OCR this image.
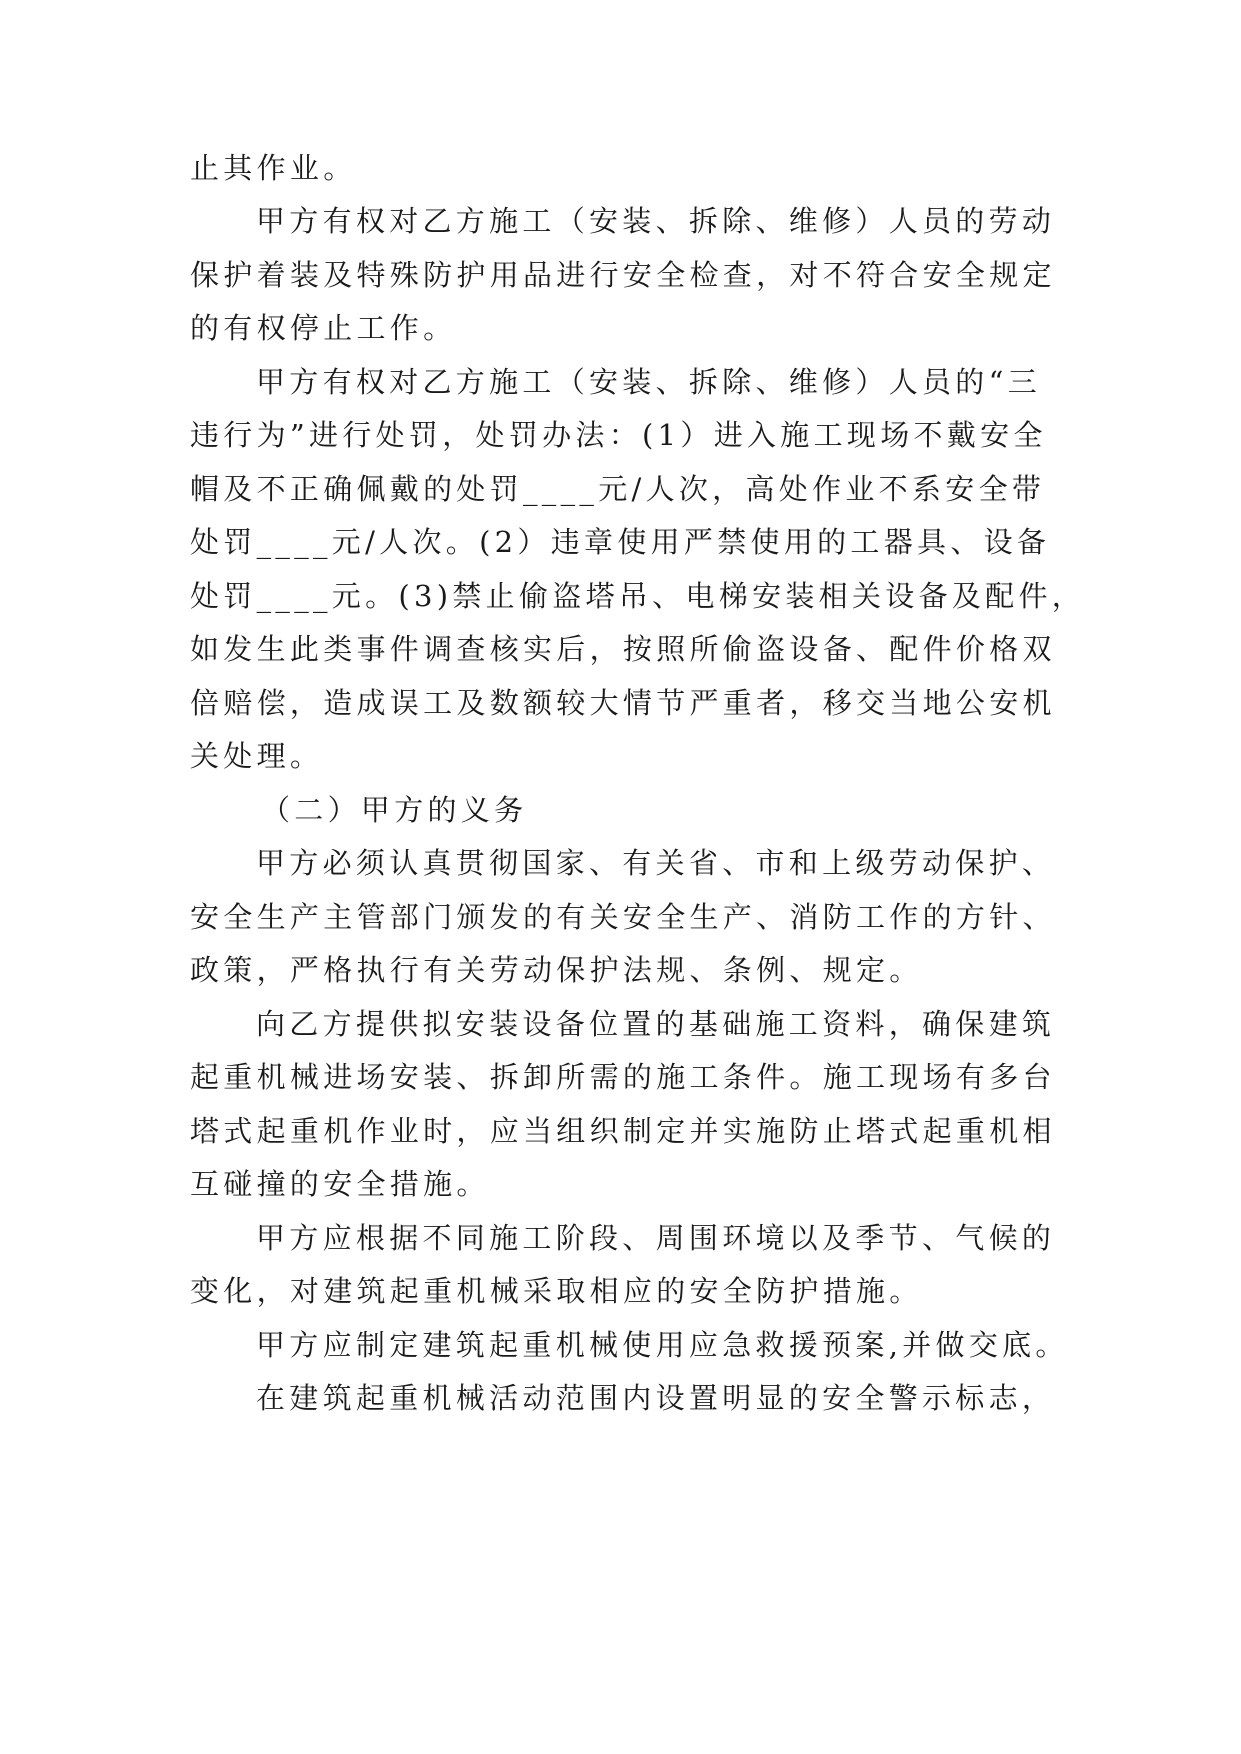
止其作业。
甲方有权对乙方施工（安装、拆除、维修）人员的劳动
保护着装及特殊防护用品进行安全检查，对不符合安全规定
的有权停止工作。
甲方有权对乙方施工（安装、拆除、维修）人员的“三
违行为”进行处罚，处罚办法：(1）进入施工现场不戴安全
帽及不正确佩戴的处罚____元/人次，高处作业不系安全带
处罚____元/人次。(2）违章使用严禁使用的工器具、设备
处罚____元。(3)禁止偷盗塔吊、电梯安装相关设备及配件，
如发生此类事件调查核实后，按照所偷盗设备、配件价格双
倍赔偿，造成误工及数额较大情节严重者，移交当地公安机
关处理。
（二）甲方的义务
甲方必须认真贯彻国家、有关省、市和上级劳动保护、
安全生产主管部门颁发的有关安全生产、消防工作的方针、
政策，严格执行有关劳动保护法规、条例、规定。
向乙方提供拟安装设备位置的基础施工资料，确保建筑
起重机械进场安装、拆卸所需的施工条件。施工现场有多台
塔式起重机作业时，应当组织制定并实施防止塔式起重机相
互碰撞的安全措施。
甲方应根据不同施工阶段、周围环境以及季节、气候的
变化，对建筑起重机械采取相应的安全防护措施。
甲方应制定建筑起重机械使用应急救援预案,并做交底。
在建筑起重机械活动范围内设置明显的安全警示标志，
